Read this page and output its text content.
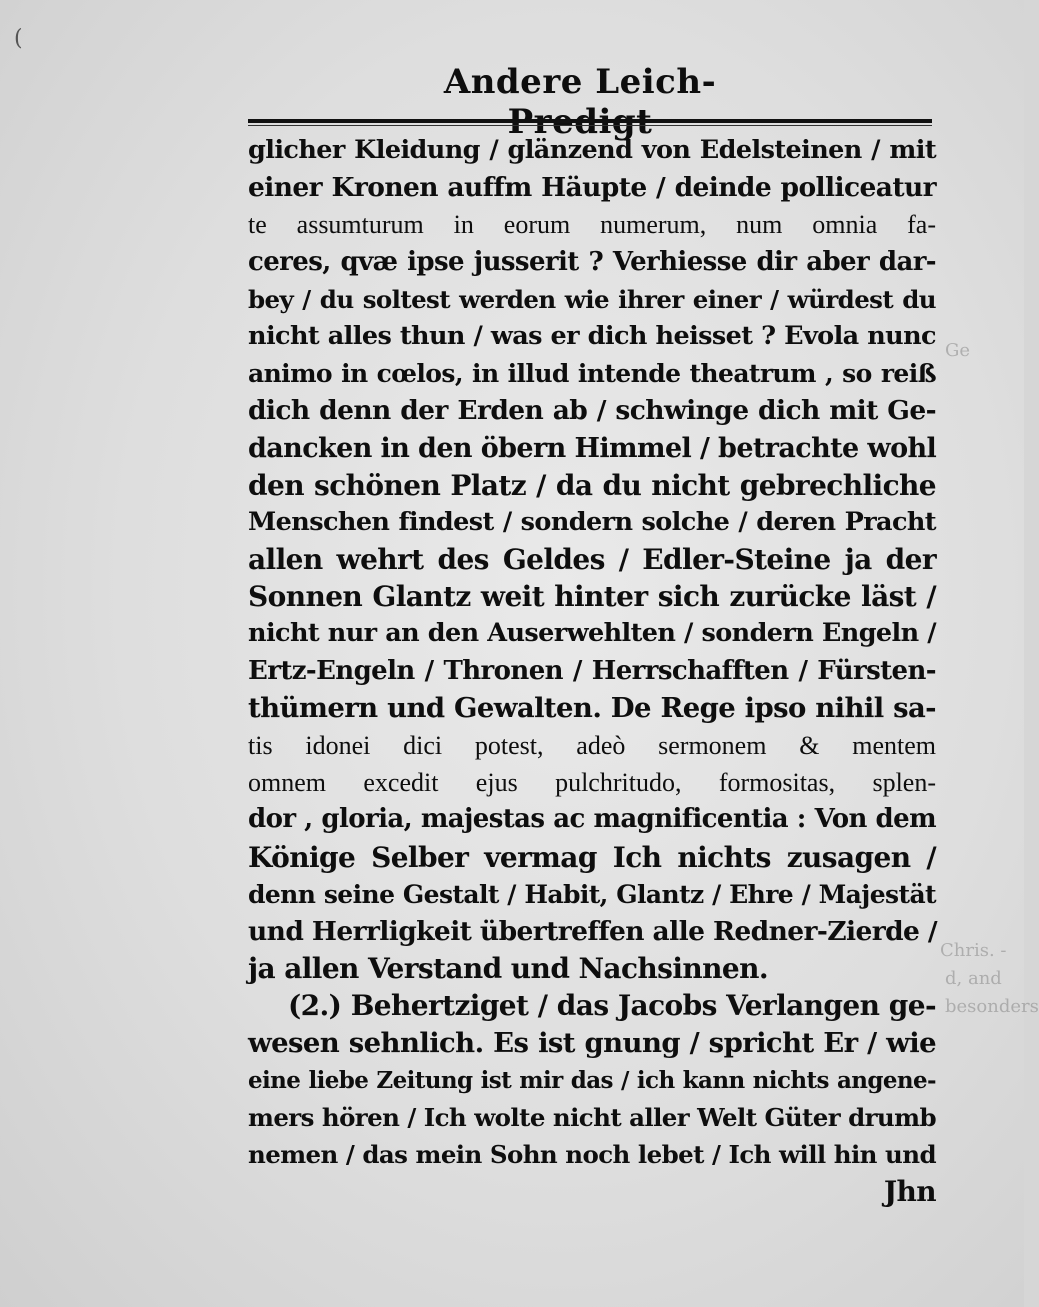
(
Ge
Chris. -
d, and
besonders
Andere Leich-Predigt
glicher Kleidung / glänzend von Edelsteinen / mit
einer Kronen auffm Häupte / deinde polliceatur
te assumturum in eorum numerum, num omnia fa-
ceres, qvæ ipse jusserit ? Verhiesse dir aber dar-
bey / du soltest werden wie ihrer einer / würdest du
nicht alles thun / was er dich heisset ? Evola nunc
animo in cœlos, in illud intende theatrum , so reiß
dich denn der Erden ab / schwinge dich mit Ge-
dancken in den öbern Himmel / betrachte wohl
den schönen Platz / da du nicht gebrechliche
Menschen findest / sondern solche / deren Pracht
allen wehrt des Geldes / Edler-Steine ja der
Sonnen Glantz weit hinter sich zurücke läst /
nicht nur an den Auserwehlten / sondern Engeln /
Ertz-Engeln / Thronen / Herrschafften / Fürsten-
thümern und Gewalten. De Rege ipso nihil sa-
tis idonei dici potest, adeò sermonem & mentem
omnem excedit ejus pulchritudo, formositas, splen-
dor , gloria, majestas ac magnificentia : Von dem
Könige Selber vermag Ich nichts zusagen /
denn seine Gestalt / Habit, Glantz / Ehre / Majestät
und Herrligkeit übertreffen alle Redner-Zierde /
ja allen Verstand und Nachsinnen.
(2.) Behertziget / das Jacobs Verlangen ge-
wesen sehnlich. Es ist gnung / spricht Er / wie
eine liebe Zeitung ist mir das / ich kann nichts angene-
mers hören / Ich wolte nicht aller Welt Güter drumb
nemen / das mein Sohn noch lebet / Ich will hin und
Jhn
